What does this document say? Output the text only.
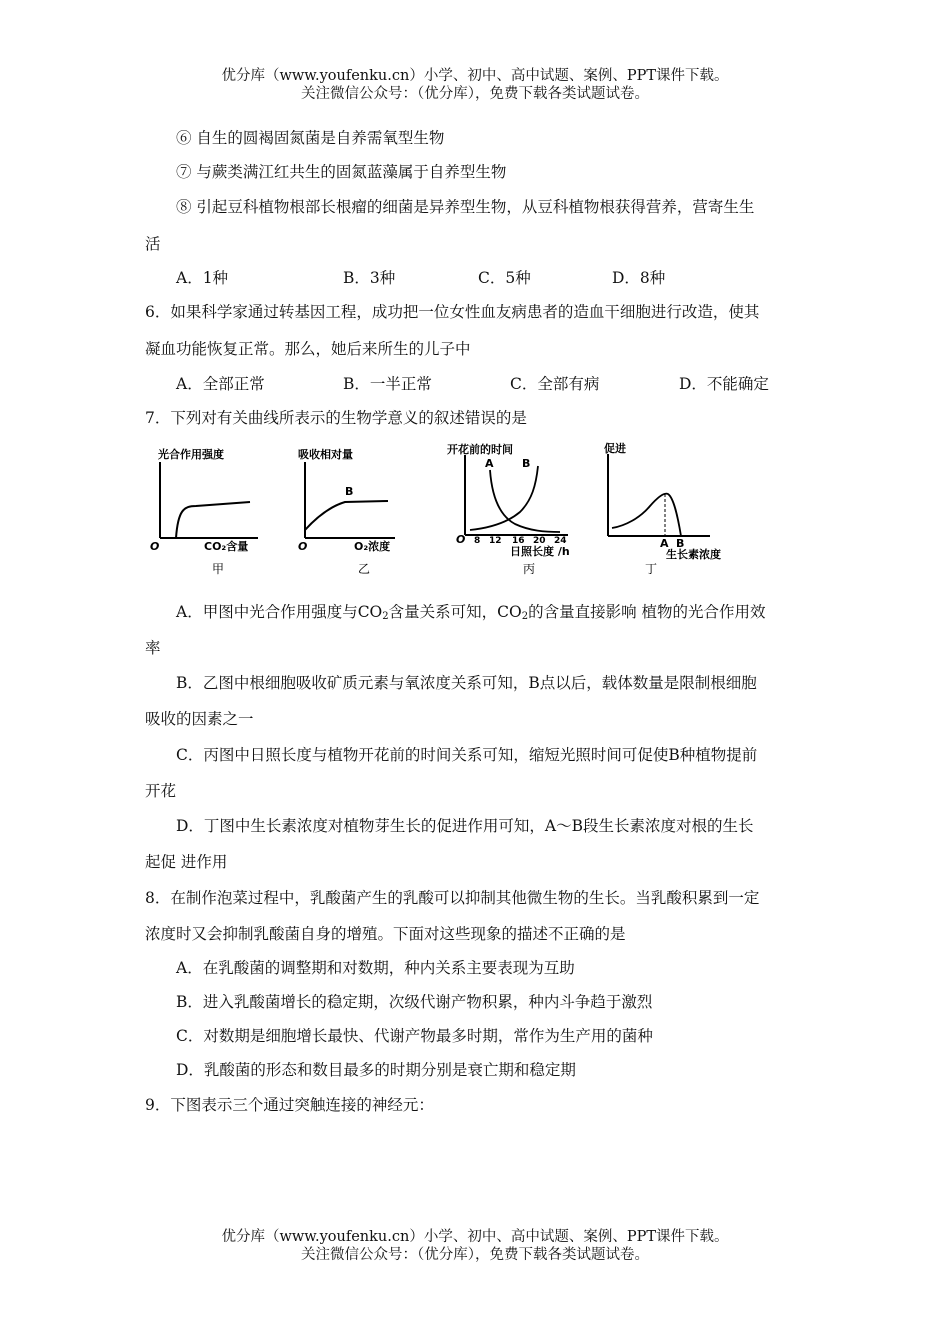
优分库（www.youfenku.cn）小学、初中、高中试题、案例、PPT课件下载。
关注微信公众号：（优分库），免费下载各类试题试卷。
⑥ 自生的圆褐固氮菌是自养需氧型生物
⑦ 与蕨类满江红共生的固氮蓝藻属于自养型生物
⑧ 引起豆科植物根部长根瘤的细菌是异养型生物，从豆科植物根获得营养，营寄生生
活
A．1种	B．3种	C．5种	D．8种
6．如果科学家通过转基因工程，成功把一位女性血友病患者的造血干细胞进行改造，使其
凝血功能恢复正常。那么，她后来所生的儿子中
A．全部正常	B．一半正常	C．全部有病	D．不能确定
7．下列对有关曲线所表示的生物学意义的叙述错误的是
光合作用强度
O	CO₂含量
甲
吸收相对量
B
O	O₂浓度
乙
开花前的时间
A	B
O 8 12 16 20 24
日照长度 /h
丙
促进
A B
生长素浓度
丁
A．甲图中光合作用强度与$CO_2$含量关系可知，$CO_2$的含量直接影响 植物的光合作用效
率
B．乙图中根细胞吸收矿质元素与氧浓度关系可知，B点以后，载体数量是限制根细胞
吸收的因素之一
C．丙图中日照长度与植物开花前的时间关系可知，缩短光照时间可促使B种植物提前
开花
D．丁图中生长素浓度对植物芽生长的促进作用可知，A～B段生长素浓度对根的生长
起促 进作用
8．在制作泡菜过程中，乳酸菌产生的乳酸可以抑制其他微生物的生长。当乳酸积累到一定
浓度时又会抑制乳酸菌自身的增殖。下面对这些现象的描述不正确的是
A．在乳酸菌的调整期和对数期，种内关系主要表现为互助
B．进入乳酸菌增长的稳定期，次级代谢产物积累，种内斗争趋于激烈
C．对数期是细胞增长最快、代谢产物最多时期，常作为生产用的菌种
D．乳酸菌的形态和数目最多的时期分别是衰亡期和稳定期
9．下图表示三个通过突触连接的神经元：
优分库（www.youfenku.cn）小学、初中、高中试题、案例、PPT课件下载。
关注微信公众号：（优分库），免费下载各类试题试卷。
